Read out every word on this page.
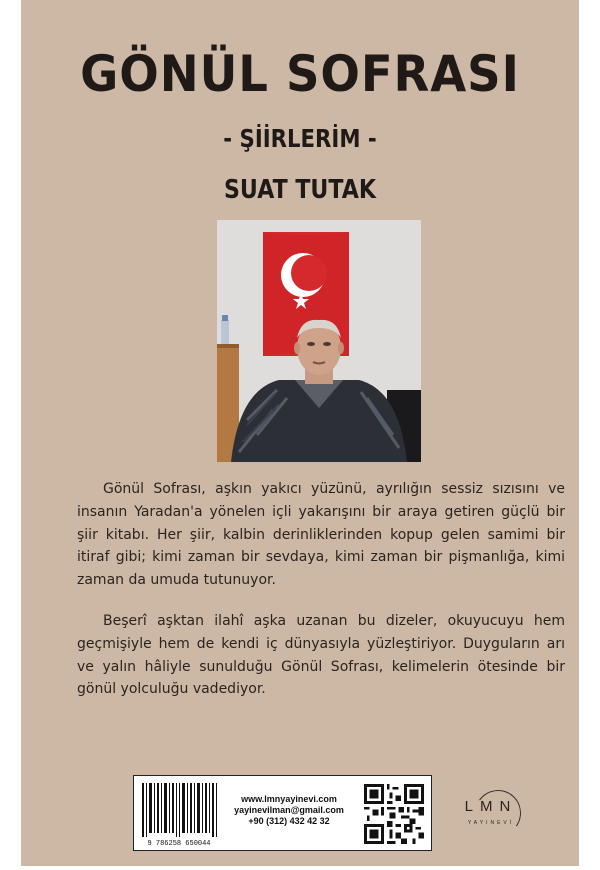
GÖNÜL SOFRASI
- ŞİİRLERİM -
SUAT TUTAK

Gönül Sofrası, aşkın yakıcı yüzünü, ayrılığın sessiz sızısını ve insanın Yaradan'a yönelen içli yakarışını bir araya getiren güçlü bir şiir kitabı. Her şiir, kalbin derinliklerinden kopup gelen samimi bir itiraf gibi; kimi zaman bir sevdaya, kimi zaman bir pişmanlığa, kimi zaman da umuda tutunuyor.

Beşerî aşktan ilahî aşka uzanan bu dizeler, okuyucuyu hem geçmişiyle hem de kendi iç dünyasıyla yüzleştiriyor. Duyguların arı ve yalın hâliyle sunulduğu Gönül Sofrası, kelimelerin ötesinde bir gönül yolculuğu vadediyor.

9 786258 650044
www.lmnyayinevi.com
yayinevilman@gmail.com
+90 (312) 432 42 32
LMN
YAYINEVİ
